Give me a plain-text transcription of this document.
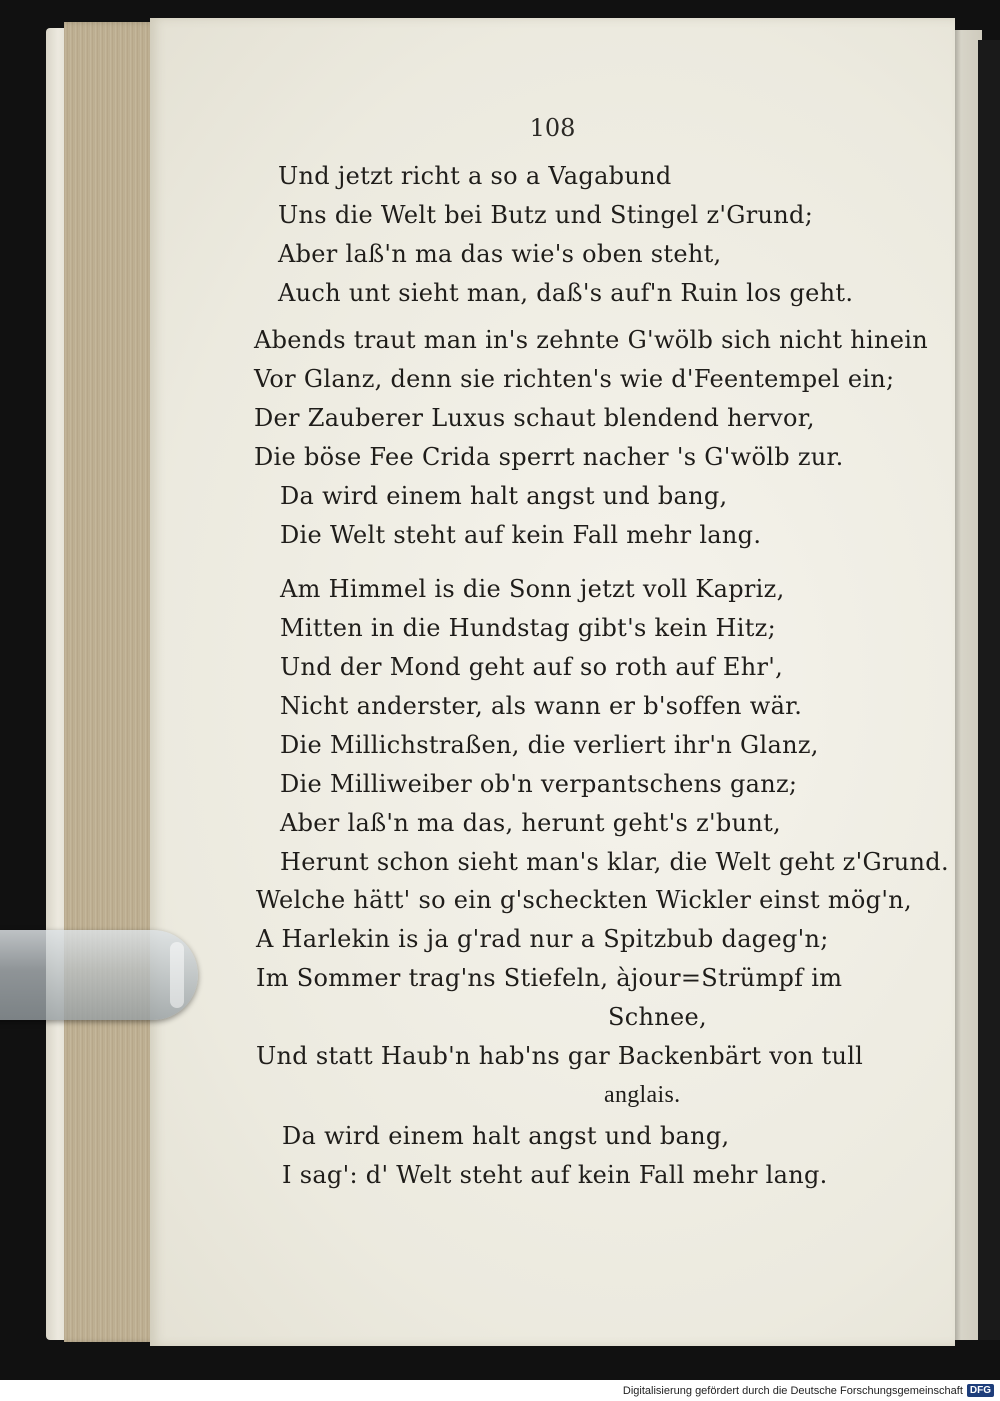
108
Und jetzt richt a so a Vagabund
Uns die Welt bei Butz und Stingel z'Grund;
Aber laß'n ma das wie's oben steht,
Auch unt sieht man, daß's auf'n Ruin los geht.
Abends traut man in's zehnte G'wölb sich nicht hinein
Vor Glanz, denn sie richten's wie d'Feentempel ein;
Der Zauberer Luxus schaut blendend hervor,
Die böse Fee Crida sperrt nacher 's G'wölb zur.
Da wird einem halt angst und bang,
Die Welt steht auf kein Fall mehr lang.
Am Himmel is die Sonn jetzt voll Kapriz,
Mitten in die Hundstag gibt's kein Hitz;
Und der Mond geht auf so roth auf Ehr',
Nicht anderster, als wann er b'soffen wär.
Die Millichstraßen, die verliert ihr'n Glanz,
Die Milliweiber ob'n verpantschens ganz;
Aber laß'n ma das, herunt geht's z'bunt,
Herunt schon sieht man's klar, die Welt geht z'Grund.
Welche hätt' so ein g'scheckten Wickler einst mög'n,
A Harlekin is ja g'rad nur a Spitzbub dageg'n;
Im Sommer trag'ns Stiefeln, àjour=Strümpf im
Schnee,
Und statt Haub'n hab'ns gar Backenbärt von tull
anglais.
Da wird einem halt angst und bang,
I sag': d' Welt steht auf kein Fall mehr lang.
Digitalisierung gefördert durch die Deutsche Forschungsgemeinschaft DFG
